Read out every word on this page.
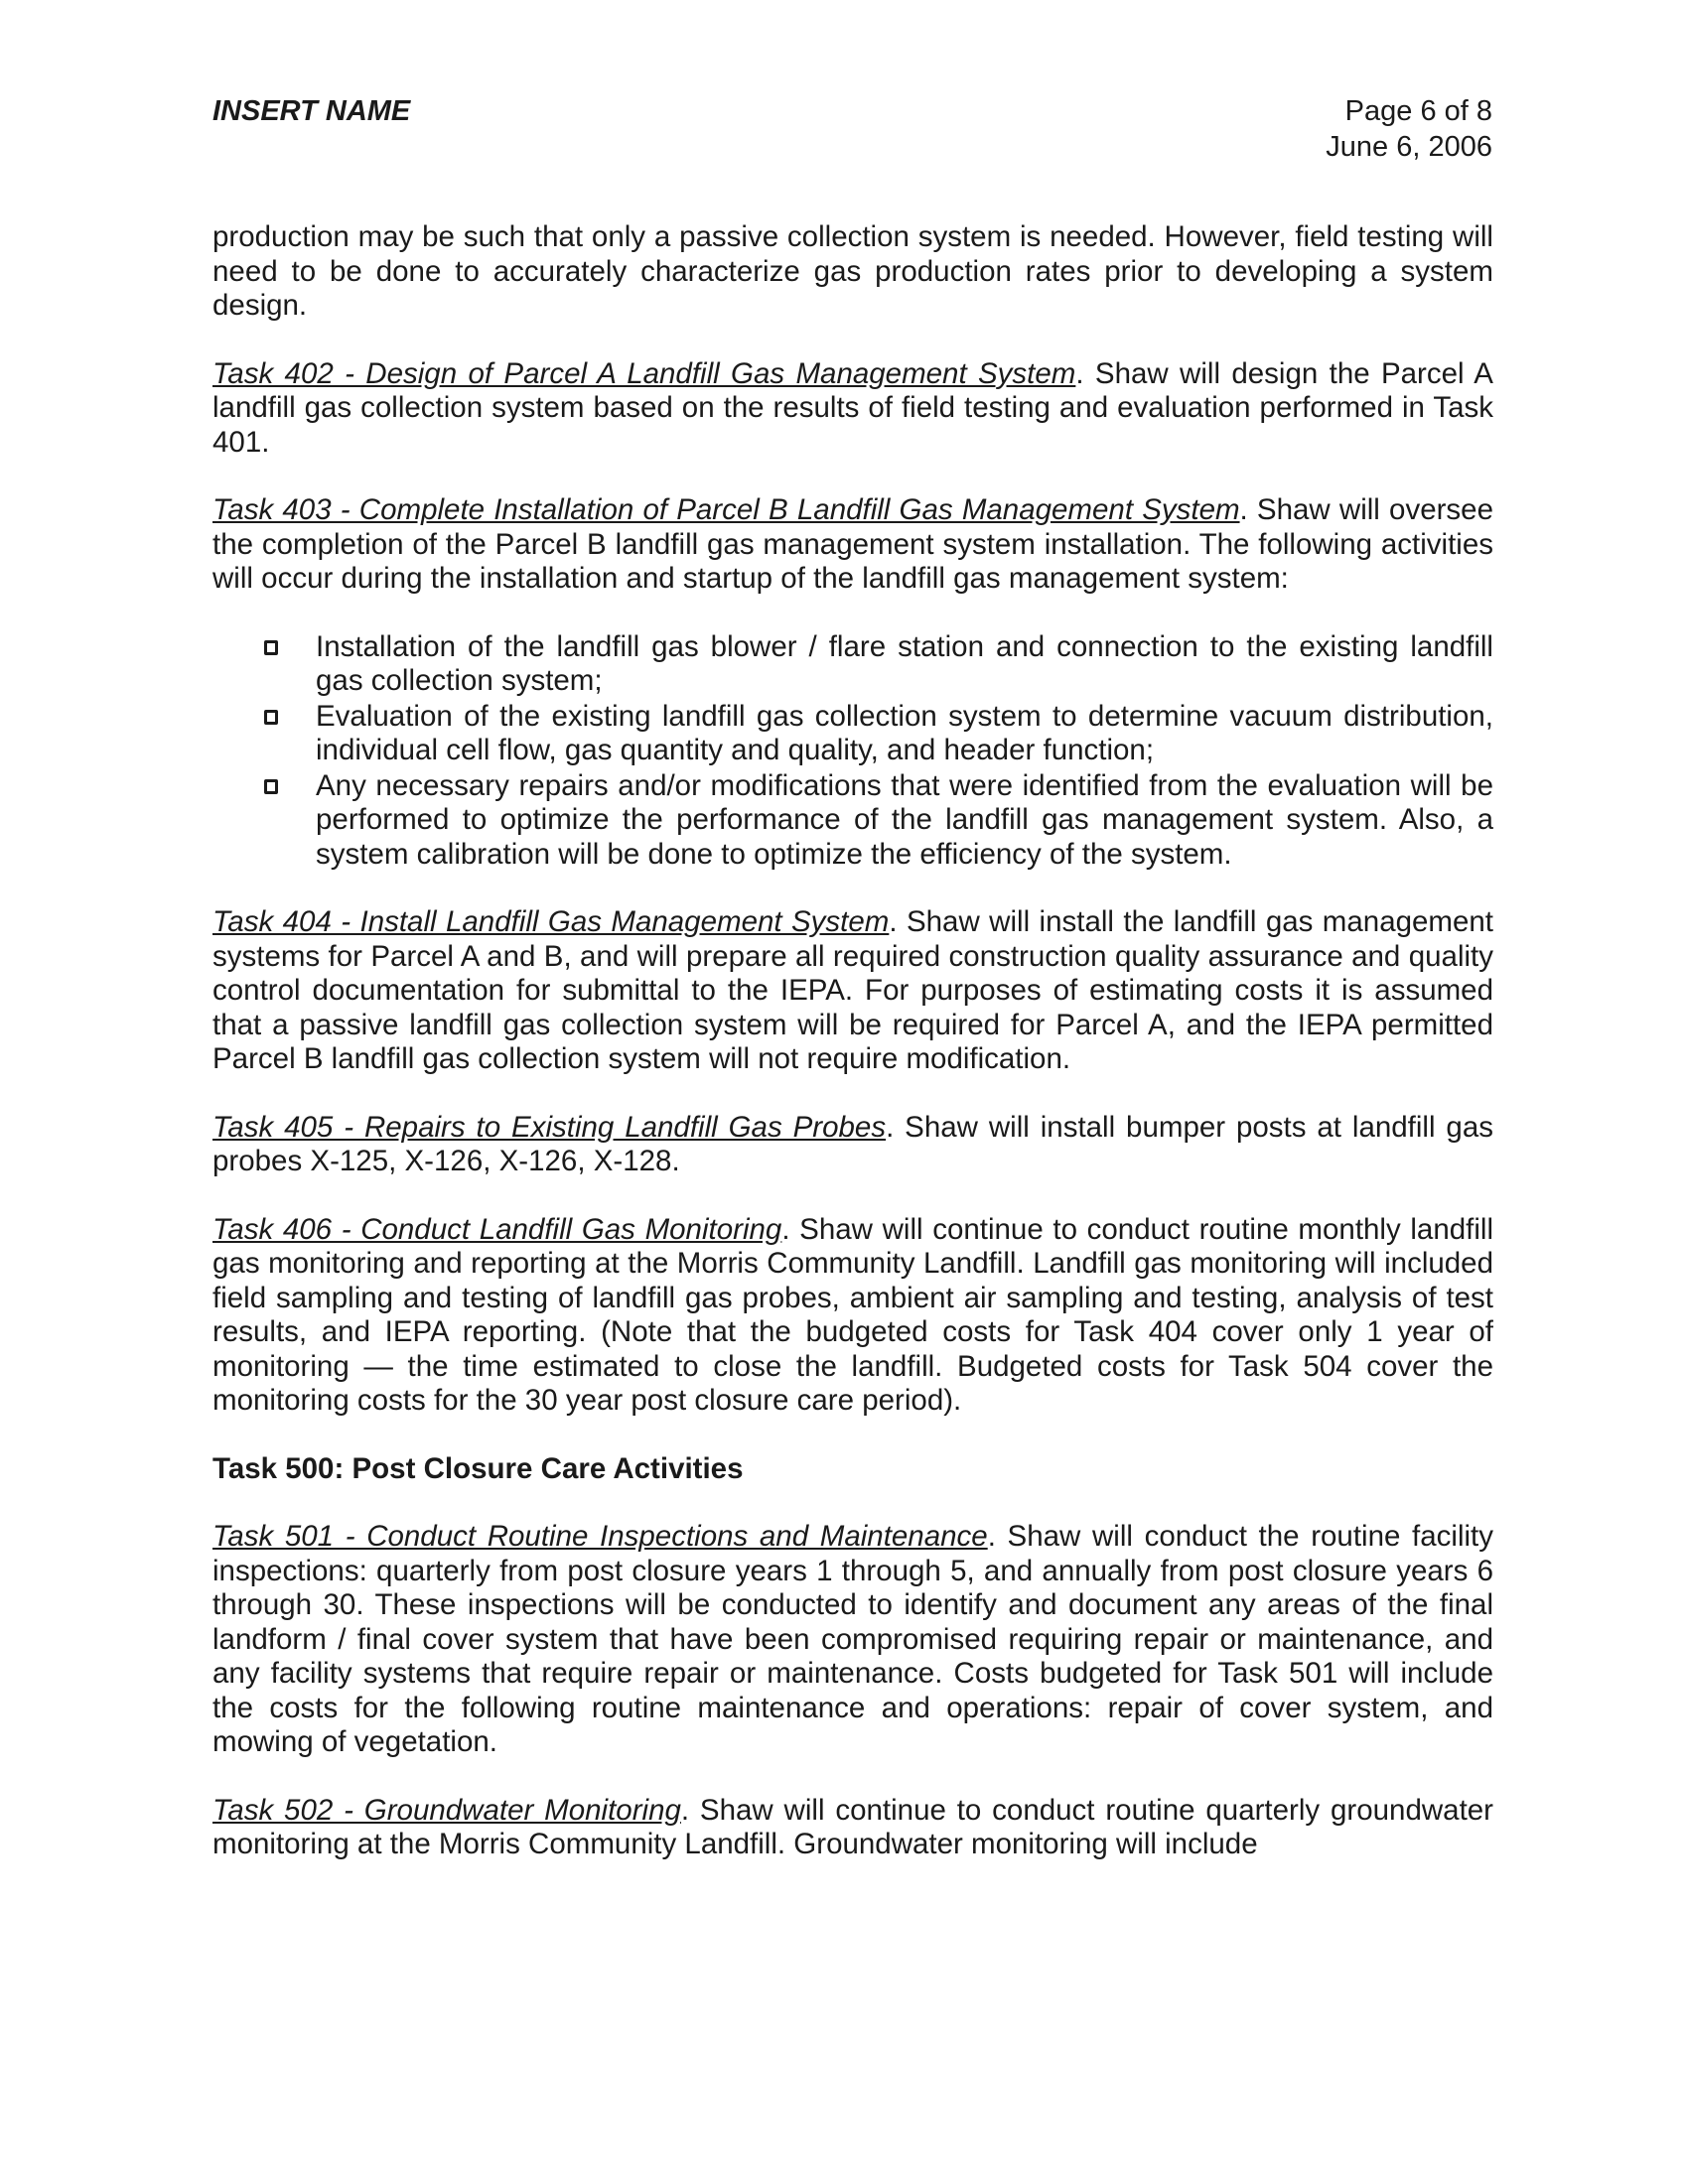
INSERT NAME	Page 6 of 8
June 6, 2006

production may be such that only a passive collection system is needed. However, field testing will need to be done to accurately characterize gas production rates prior to developing a system design.

Task 402 - Design of Parcel A Landfill Gas Management System. Shaw will design the Parcel A landfill gas collection system based on the results of field testing and evaluation performed in Task 401.

Task 403 - Complete Installation of Parcel B Landfill Gas Management System. Shaw will oversee the completion of the Parcel B landfill gas management system installation. The following activities will occur during the installation and startup of the landfill gas management system:

Installation of the landfill gas blower / flare station and connection to the existing landfill gas collection system;
Evaluation of the existing landfill gas collection system to determine vacuum distribution, individual cell flow, gas quantity and quality, and header function;
Any necessary repairs and/or modifications that were identified from the evaluation will be performed to optimize the performance of the landfill gas management system. Also, a system calibration will be done to optimize the efficiency of the system.

Task 404 - Install Landfill Gas Management System. Shaw will install the landfill gas management systems for Parcel A and B, and will prepare all required construction quality assurance and quality control documentation for submittal to the IEPA. For purposes of estimating costs it is assumed that a passive landfill gas collection system will be required for Parcel A, and the IEPA permitted Parcel B landfill gas collection system will not require modification.

Task 405 - Repairs to Existing Landfill Gas Probes. Shaw will install bumper posts at landfill gas probes X-125, X-126, X-126, X-128.

Task 406 - Conduct Landfill Gas Monitoring. Shaw will continue to conduct routine monthly landfill gas monitoring and reporting at the Morris Community Landfill. Landfill gas monitoring will included field sampling and testing of landfill gas probes, ambient air sampling and testing, analysis of test results, and IEPA reporting. (Note that the budgeted costs for Task 404 cover only 1 year of monitoring — the time estimated to close the landfill. Budgeted costs for Task 504 cover the monitoring costs for the 30 year post closure care period).

Task 500: Post Closure Care Activities

Task 501 - Conduct Routine Inspections and Maintenance. Shaw will conduct the routine facility inspections: quarterly from post closure years 1 through 5, and annually from post closure years 6 through 30. These inspections will be conducted to identify and document any areas of the final landform / final cover system that have been compromised requiring repair or maintenance, and any facility systems that require repair or maintenance. Costs budgeted for Task 501 will include the costs for the following routine maintenance and operations: repair of cover system, and mowing of vegetation.

Task 502 - Groundwater Monitoring. Shaw will continue to conduct routine quarterly groundwater monitoring at the Morris Community Landfill. Groundwater monitoring will include
